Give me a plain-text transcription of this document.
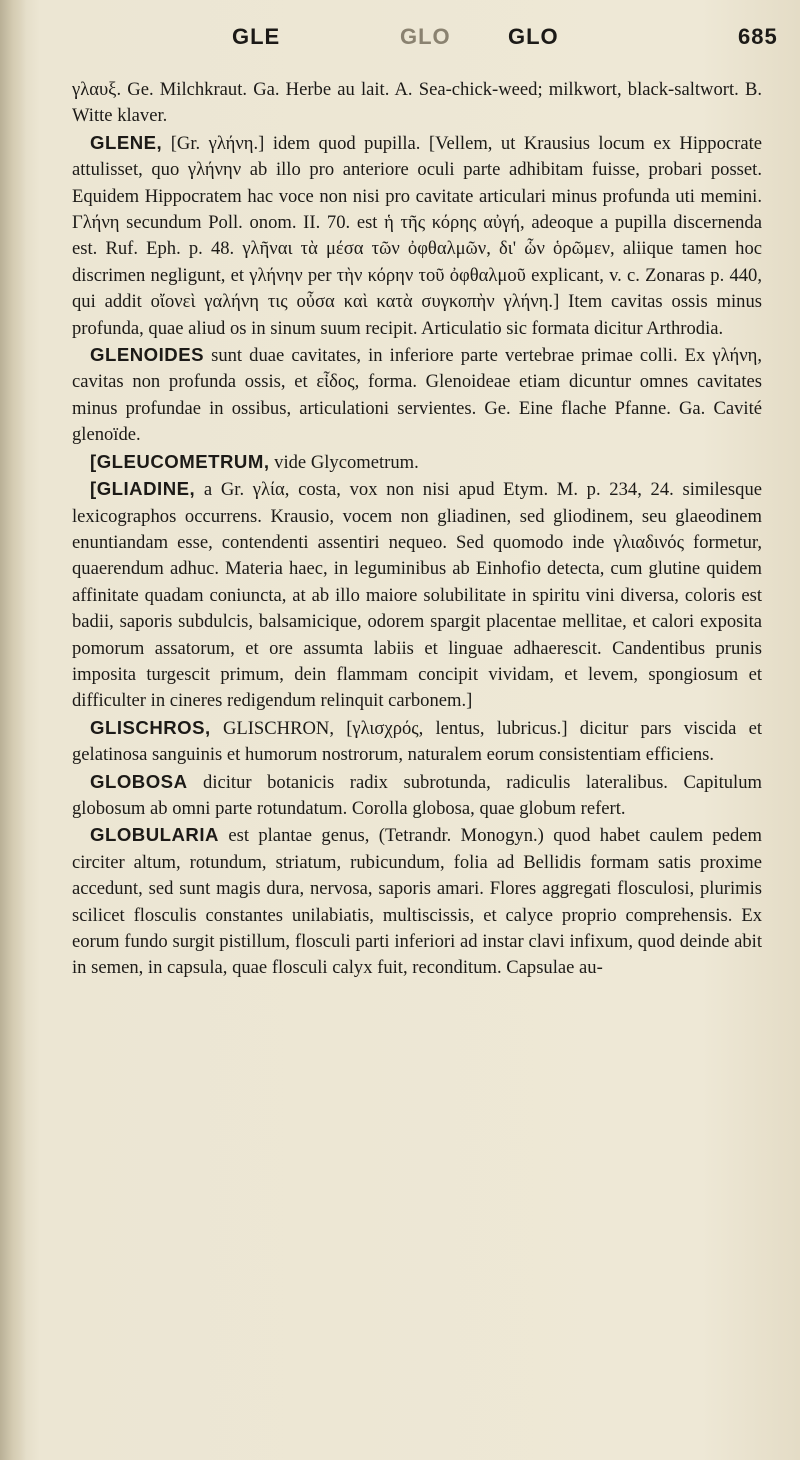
GLE	GLO	GLO	685

γλαυξ. Ge. Milchkraut. Ga. Herbe au lait. A. Sea-chick-weed; milkwort, black-saltwort. B. Witte klaver.

GLENE, [Gr. γλήνη.] idem quod pupilla. [Vellem, ut Krausius locum ex Hippocrate attulisset, quo γλήνην ab illo pro anteriore oculi parte adhibitam fuisse, probari posset. Equidem Hippocratem hac voce non nisi pro cavitate articulari minus profunda uti memini. Γλήνη secundum Poll. onom. II. 70. est ἡ τῆς κόρης αὐγή, adeoque a pupilla discernenda est. Ruf. Eph. p. 48. γλῆναι τὰ μέσα τῶν ὀφθαλμῶν, δι' ὧν ὁρῶμεν, aliique tamen hoc discrimen negligunt, et γλήνην per τὴν κόρην τοῦ ὀφθαλμοῦ explicant, v. c. Zonaras p. 440, qui addit οἴονεὶ γαλήνη τις οὖσα καὶ κατὰ συγκοπὴν γλήνη.] Item cavitas ossis minus profunda, quae aliud os in sinum suum recipit. Articulatio sic formata dicitur Arthrodia.

GLENOIDES sunt duae cavitates, in inferiore parte vertebrae primae colli. Ex γλήνη, cavitas non profunda ossis, et εἶδος, forma. Glenoideae etiam dicuntur omnes cavitates minus profundae in ossibus, articulationi servientes. Ge. Eine flache Pfanne. Ga. Cavité glenoïde.

[GLEUCOMETRUM, vide Glycometrum.

[GLIADINE, a Gr. γλία, costa, vox non nisi apud Etym. M. p. 234, 24. similesque lexicographos occurrens. Krausio, vocem non gliadinen, sed gliodinem, seu glaeodinem enuntiandam esse, contendenti assentiri nequeo. Sed quomodo inde γλιαδινός formetur, quaerendum adhuc. Materia haec, in leguminibus ab Einhofio detecta, cum glutine quidem affinitate quadam coniuncta, at ab illo maiore solubilitate in spiritu vini diversa, coloris est badii, saporis subdulcis, balsamicique, odorem spargit placentae mellitae, et calori exposita pomorum assatorum, et ore assumta labiis et linguae adhaerescit. Candentibus prunis imposita turgescit primum, dein flammam concipit vividam, et levem, spongiosum et difficulter in cineres redigendum relinquit carbonem.]

GLISCHROS, GLISCHRON, [γλισχρός, lentus, lubricus.] dicitur pars viscida et gelatinosa sanguinis et humorum nostrorum, naturalem eorum consistentiam efficiens.

GLOBOSA dicitur botanicis radix subrotunda, radiculis lateralibus. Capitulum globosum ab omni parte rotundatum. Corolla globosa, quae globum refert.

GLOBULARIA est plantae genus, (Tetrandr. Monogyn.) quod habet caulem pedem circiter altum, rotundum, striatum, rubicundum, folia ad Bellidis formam satis proxime accedunt, sed sunt magis dura, nervosa, saporis amari. Flores aggregati flosculosi, plurimis scilicet flosculis constantes unilabiatis, multiscissis, et calyce proprio comprehensis. Ex eorum fundo surgit pistillum, flosculi parti inferiori ad instar clavi infixum, quod deinde abit in semen, in capsula, quae flosculi calyx fuit, reconditum. Capsulae au-
